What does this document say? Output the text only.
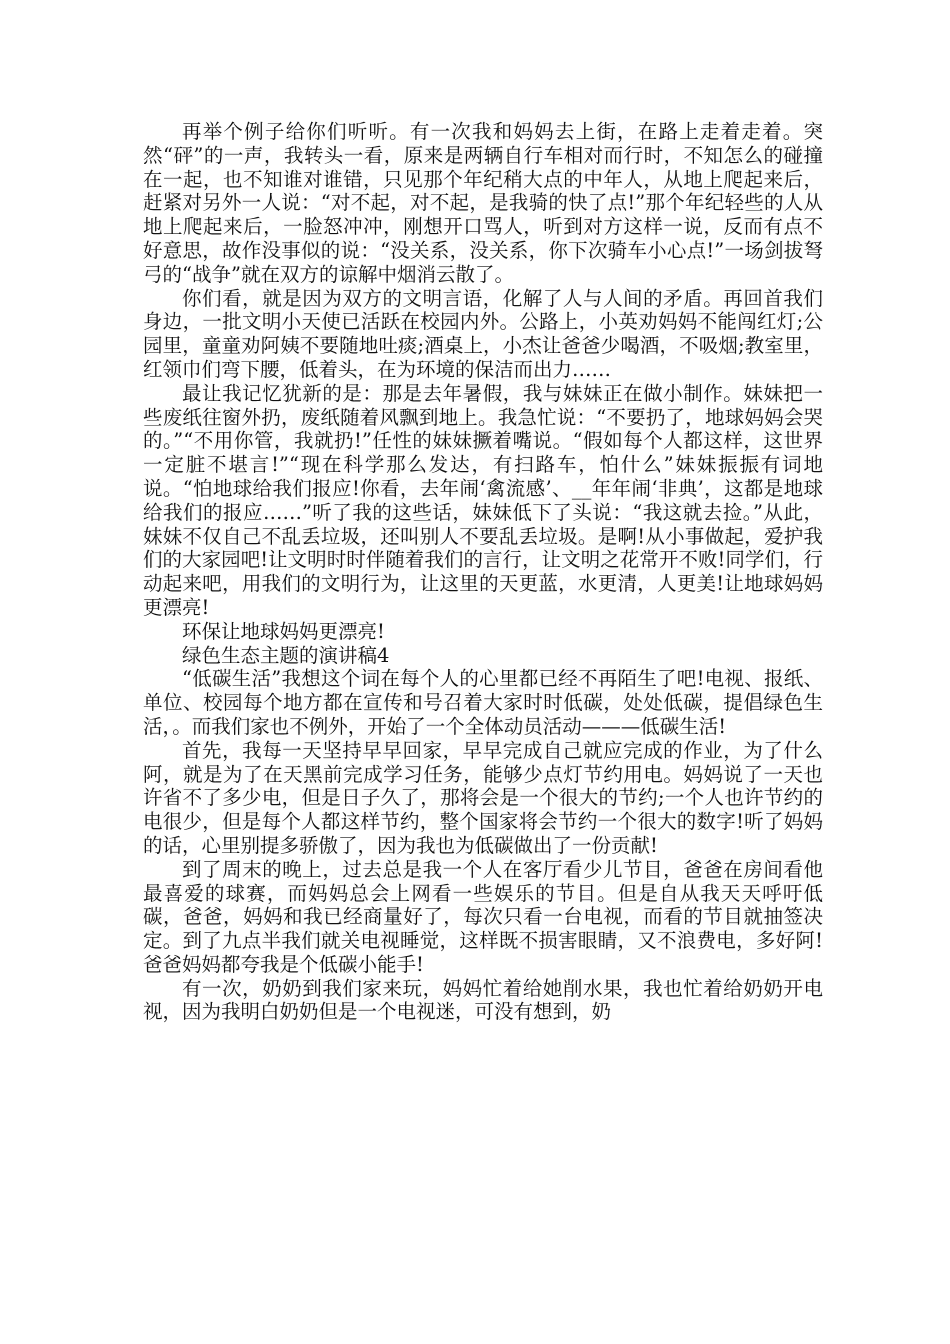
再举个例子给你们听听。有一次我和妈妈去上街，在路上走着走着。突然“砰”的一声，我转头一看，原来是两辆自行车相对而行时，不知怎么的碰撞在一起，也不知谁对谁错，只见那个年纪稍大点的中年人，从地上爬起来后，赶紧对另外一人说：“对不起，对不起，是我骑的快了点!”那个年纪轻些的人从地上爬起来后，一脸怒冲冲，刚想开口骂人，听到对方这样一说，反而有点不好意思，故作没事似的说：“没关系，没关系，你下次骑车小心点!”一场剑拔弩弓的“战争”就在双方的谅解中烟消云散了。

你们看，就是因为双方的文明言语，化解了人与人间的矛盾。再回首我们身边，一批文明小天使已活跃在校园内外。公路上，小英劝妈妈不能闯红灯;公园里，童童劝阿姨不要随地吐痰;酒桌上，小杰让爸爸少喝酒，不吸烟;教室里，红领巾们弯下腰，低着头，在为环境的保洁而出力……

最让我记忆犹新的是：那是去年暑假，我与妹妹正在做小制作。妹妹把一些废纸往窗外扔，废纸随着风飘到地上。我急忙说：“不要扔了，地球妈妈会哭的。”“不用你管，我就扔!”任性的妹妹撅着嘴说。“假如每个人都这样，这世界一定脏不堪言!”“现在科学那么发达，有扫路车，怕什么”妹妹振振有词地说。“怕地球给我们报应!你看，去年闹‘禽流感’、__年年闹‘非典’，这都是地球给我们的报应……”听了我的这些话，妹妹低下了头说：“我这就去捡。”从此，妹妹不仅自己不乱丢垃圾，还叫别人不要乱丢垃圾。是啊!从小事做起，爱护我们的大家园吧!让文明时时伴随着我们的言行，让文明之花常开不败!同学们，行动起来吧，用我们的文明行为，让这里的天更蓝，水更清，人更美!让地球妈妈更漂亮!

环保让地球妈妈更漂亮!

绿色生态主题的演讲稿4

“低碳生活”我想这个词在每个人的心里都已经不再陌生了吧!电视、报纸、单位、校园每个地方都在宣传和号召着大家时时低碳，处处低碳，提倡绿色生活，。而我们家也不例外，开始了一个全体动员活动———低碳生活!

首先，我每一天坚持早早回家，早早完成自己就应完成的作业，为了什么阿，就是为了在天黑前完成学习任务，能够少点灯节约用电。妈妈说了一天也许省不了多少电，但是日子久了，那将会是一个很大的节约;一个人也许节约的电很少，但是每个人都这样节约，整个国家将会节约一个很大的数字!听了妈妈的话，心里别提多骄傲了，因为我也为低碳做出了一份贡献!

到了周末的晚上，过去总是我一个人在客厅看少儿节目，爸爸在房间看他最喜爱的球赛，而妈妈总会上网看一些娱乐的节目。但是自从我天天呼吁低碳，爸爸，妈妈和我已经商量好了，每次只看一台电视，而看的节目就抽签决定。到了九点半我们就关电视睡觉，这样既不损害眼睛，又不浪费电，多好阿!爸爸妈妈都夸我是个低碳小能手!

有一次，奶奶到我们家来玩，妈妈忙着给她削水果，我也忙着给奶奶开电视，因为我明白奶奶但是一个电视迷，可没有想到，奶
